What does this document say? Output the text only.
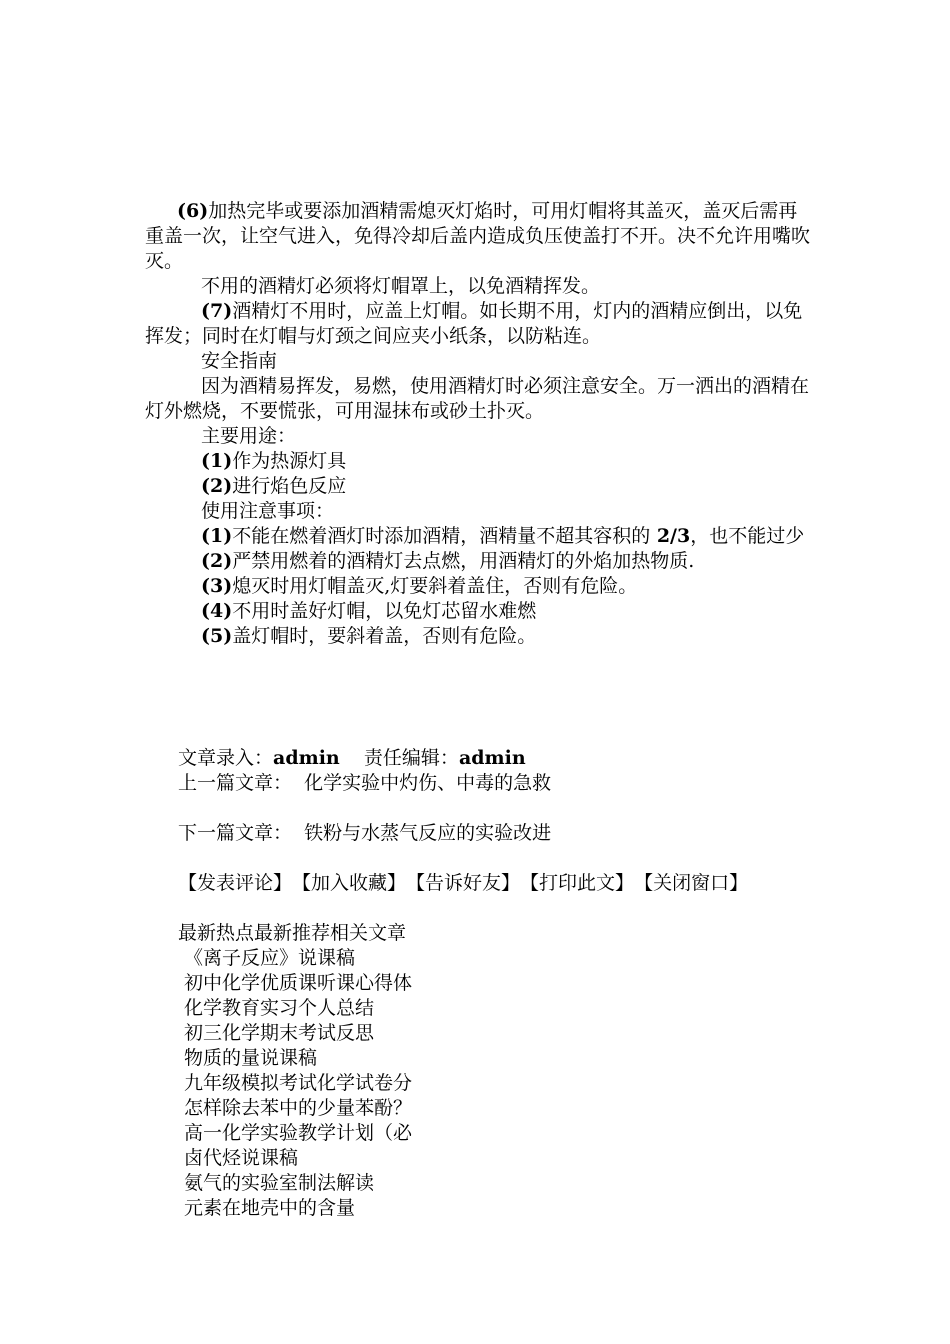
(6)加热完毕或要添加酒精需熄灭灯焰时，可用灯帽将其盖灭，盖灭后需再重盖一次，让空气进入，免得冷却后盖内造成负压使盖打不开。决不允许用嘴吹灭。

不用的酒精灯必须将灯帽罩上，以免酒精挥发。

(7)酒精灯不用时，应盖上灯帽。如长期不用，灯内的酒精应倒出，以免挥发；同时在灯帽与灯颈之间应夹小纸条，以防粘连。

安全指南

因为酒精易挥发，易燃，使用酒精灯时必须注意安全。万一洒出的酒精在灯外燃烧，不要慌张，可用湿抹布或砂土扑灭。

主要用途：

(1)作为热源灯具

(2)进行焰色反应

使用注意事项：

(1)不能在燃着酒灯时添加酒精，酒精量不超其容积的 2/3，也不能过少

(2)严禁用燃着的酒精灯去点燃，用酒精灯的外焰加热物质.

(3)熄灭时用灯帽盖灭,灯要斜着盖住，否则有危险。

(4)不用时盖好灯帽，以免灯芯留水难燃

(5)盖灯帽时，要斜着盖，否则有危险。

文章录入：admin 责任编辑：admin

上一篇文章： 化学实验中灼伤、中毒的急救

下一篇文章： 铁粉与水蒸气反应的实验改进

【发表评论】 【加入收藏】 【告诉好友】 【打印此文】 【关闭窗口】

最新热点最新推荐相关文章

《离子反应》说课稿

初中化学优质课听课心得体

化学教育实习个人总结

初三化学期末考试反思

物质的量说课稿

九年级模拟考试化学试卷分

怎样除去苯中的少量苯酚？

高一化学实验教学计划（必

卤代烃说课稿

氨气的实验室制法解读

元素在地壳中的含量
